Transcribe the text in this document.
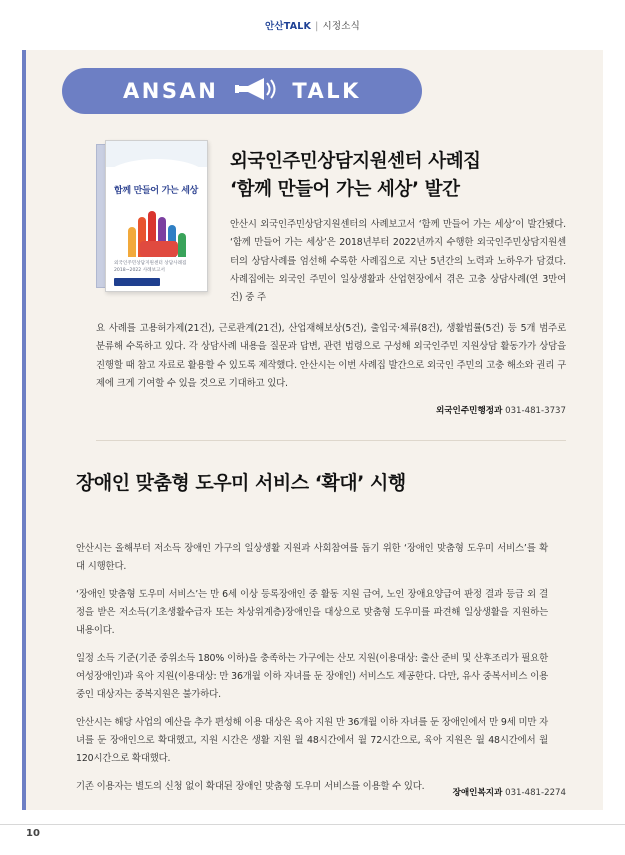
안산TALK | 시정소식
ANSAN	TALK
함께 만들어 가는 세상
외국인주민상담지원센터 상담사례집 2018~2022 사례보고서
외국인주민상담지원센터 사례집
‘함께 만들어 가는 세상’ 발간
안산시 외국인주민상담지원센터의 사례보고서 ‘함께 만들어 가는 세상’이 발간됐다. ‘함께 만들어 가는 세상’은 2018년부터 2022년까지 수행한 외국인주민상담지원센터의 상담사례를 엄선해 수록한 사례집으로 지난 5년간의 노력과 노하우가 담겼다. 사례집에는 외국인 주민이 일상생활과 산업현장에서 겪은 고충 상담사례(연 3만여 건) 중 주
요 사례를 고용허가제(21건), 근로관계(21건), 산업재해보상(5건), 출입국·체류(8건), 생활법률(5건) 등 5개 범주로 분류해 수록하고 있다. 각 상담사례 내용을 질문과 답변, 관련 법령으로 구성해 외국인주민 지원상담 활동가가 상담을 진행할 때 참고 자료로 활용할 수 있도록 제작했다. 안산시는 이번 사례집 발간으로 외국인 주민의 고충 해소와 권리 구제에 크게 기여할 수 있을 것으로 기대하고 있다.
외국인주민행정과 031-481-3737
장애인 맞춤형 도우미 서비스 ‘확대’ 시행

안산시는 올해부터 저소득 장애인 가구의 일상생활 지원과 사회참여를 돕기 위한 ‘장애인 맞춤형 도우미 서비스’를 확대 시행한다.

‘장애인 맞춤형 도우미 서비스’는 만 6세 이상 등록장애인 중 활동 지원 급여, 노인 장애요양급여 판정 결과 등급 외 결정을 받은 저소득(기초생활수급자 또는 차상위계층)장애인을 대상으로 맞춤형 도우미를 파견해 일상생활을 지원하는 내용이다.

일정 소득 기준(기준 중위소득 180% 이하)을 충족하는 가구에는 산모 지원(이용대상: 출산 준비 및 산후조리가 필요한 여성장애인)과 육아 지원(이용대상: 만 36개월 이하 자녀를 둔 장애인) 서비스도 제공한다. 다만, 유사 중복서비스 이용 중인 대상자는 중복지원은 불가하다.

안산시는 해당 사업의 예산을 추가 편성해 이용 대상은 육아 지원 만 36개월 이하 자녀를 둔 장애인에서 만 9세 미만 자녀를 둔 장애인으로 확대했고, 지원 시간은 생활 지원 월 48시간에서 월 72시간으로, 육아 지원은 월 48시간에서 월 120시간으로 확대했다.

기존 이용자는 별도의 신청 없이 확대된 장애인 맞춤형 도우미 서비스를 이용할 수 있다.

장애인복지과 031-481-2274
10
